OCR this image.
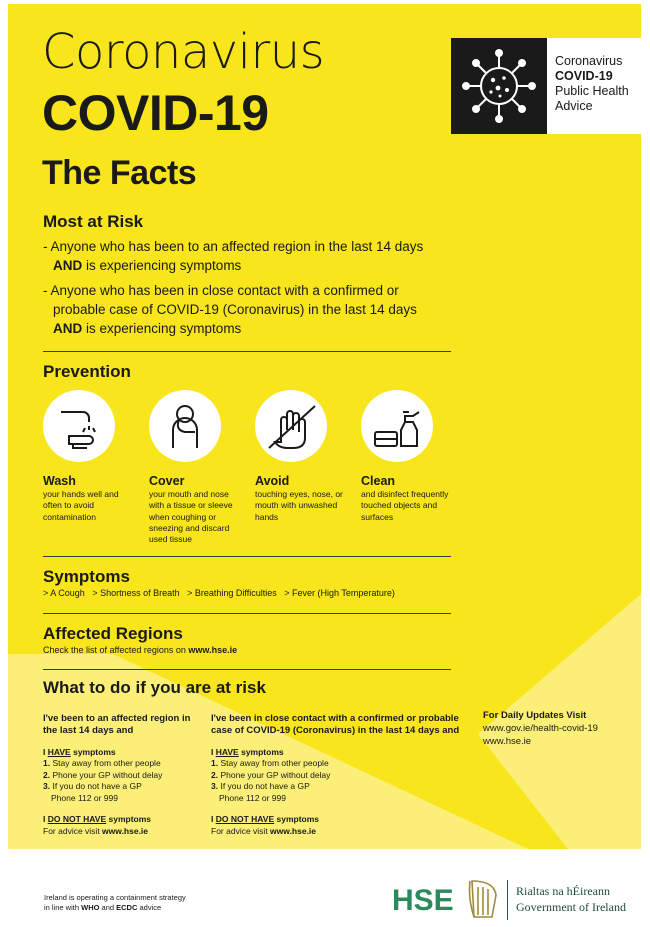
Coronavirus
COVID-19
The Facts
Coronavirus
COVID-19
Public Health
Advice
Most at Risk
- Anyone who has been to an affected region in the last 14 days

AND is experiencing symptoms
- Anyone who has been in close contact with a confirmed or

probable case of COVID-19 (Coronavirus) in the last 14 days
AND is experiencing symptoms
Prevention
Wash
your hands well and often to avoid contamination
Cover
your mouth and nose with a tissue or sleeve when coughing or sneezing and discard used tissue
Avoid
touching eyes, nose, or mouth with unwashed hands
Clean
and disinfect frequently touched objects and surfaces
Symptoms
> A Cough > Shortness of Breath > Breathing Difficulties > Fever (High Temperature)
Affected Regions
Check the list of affected regions on www.hse.ie
What to do if you are at risk
I've been to an affected region in the last 14 days and
I HAVE symptoms
1. Stay away from other people
2. Phone your GP without delay
3. If you do not have a GP
Phone 112 or 999
I DO NOT HAVE symptoms
For advice visit www.hse.ie
I've been in close contact with a confirmed or probable case of COVID-19 (Coronavirus) in the last 14 days and
I HAVE symptoms
1. Stay away from other people
2. Phone your GP without delay
3. If you do not have a GP
Phone 112 or 999
I DO NOT HAVE symptoms
For advice visit www.hse.ie
For Daily Updates Visit
www.gov.ie/health-covid-19
www.hse.ie
Ireland is operating a containment strategy
in line with WHO and ECDC advice	HSE	Rialtas na hÉireann
Government of Ireland
